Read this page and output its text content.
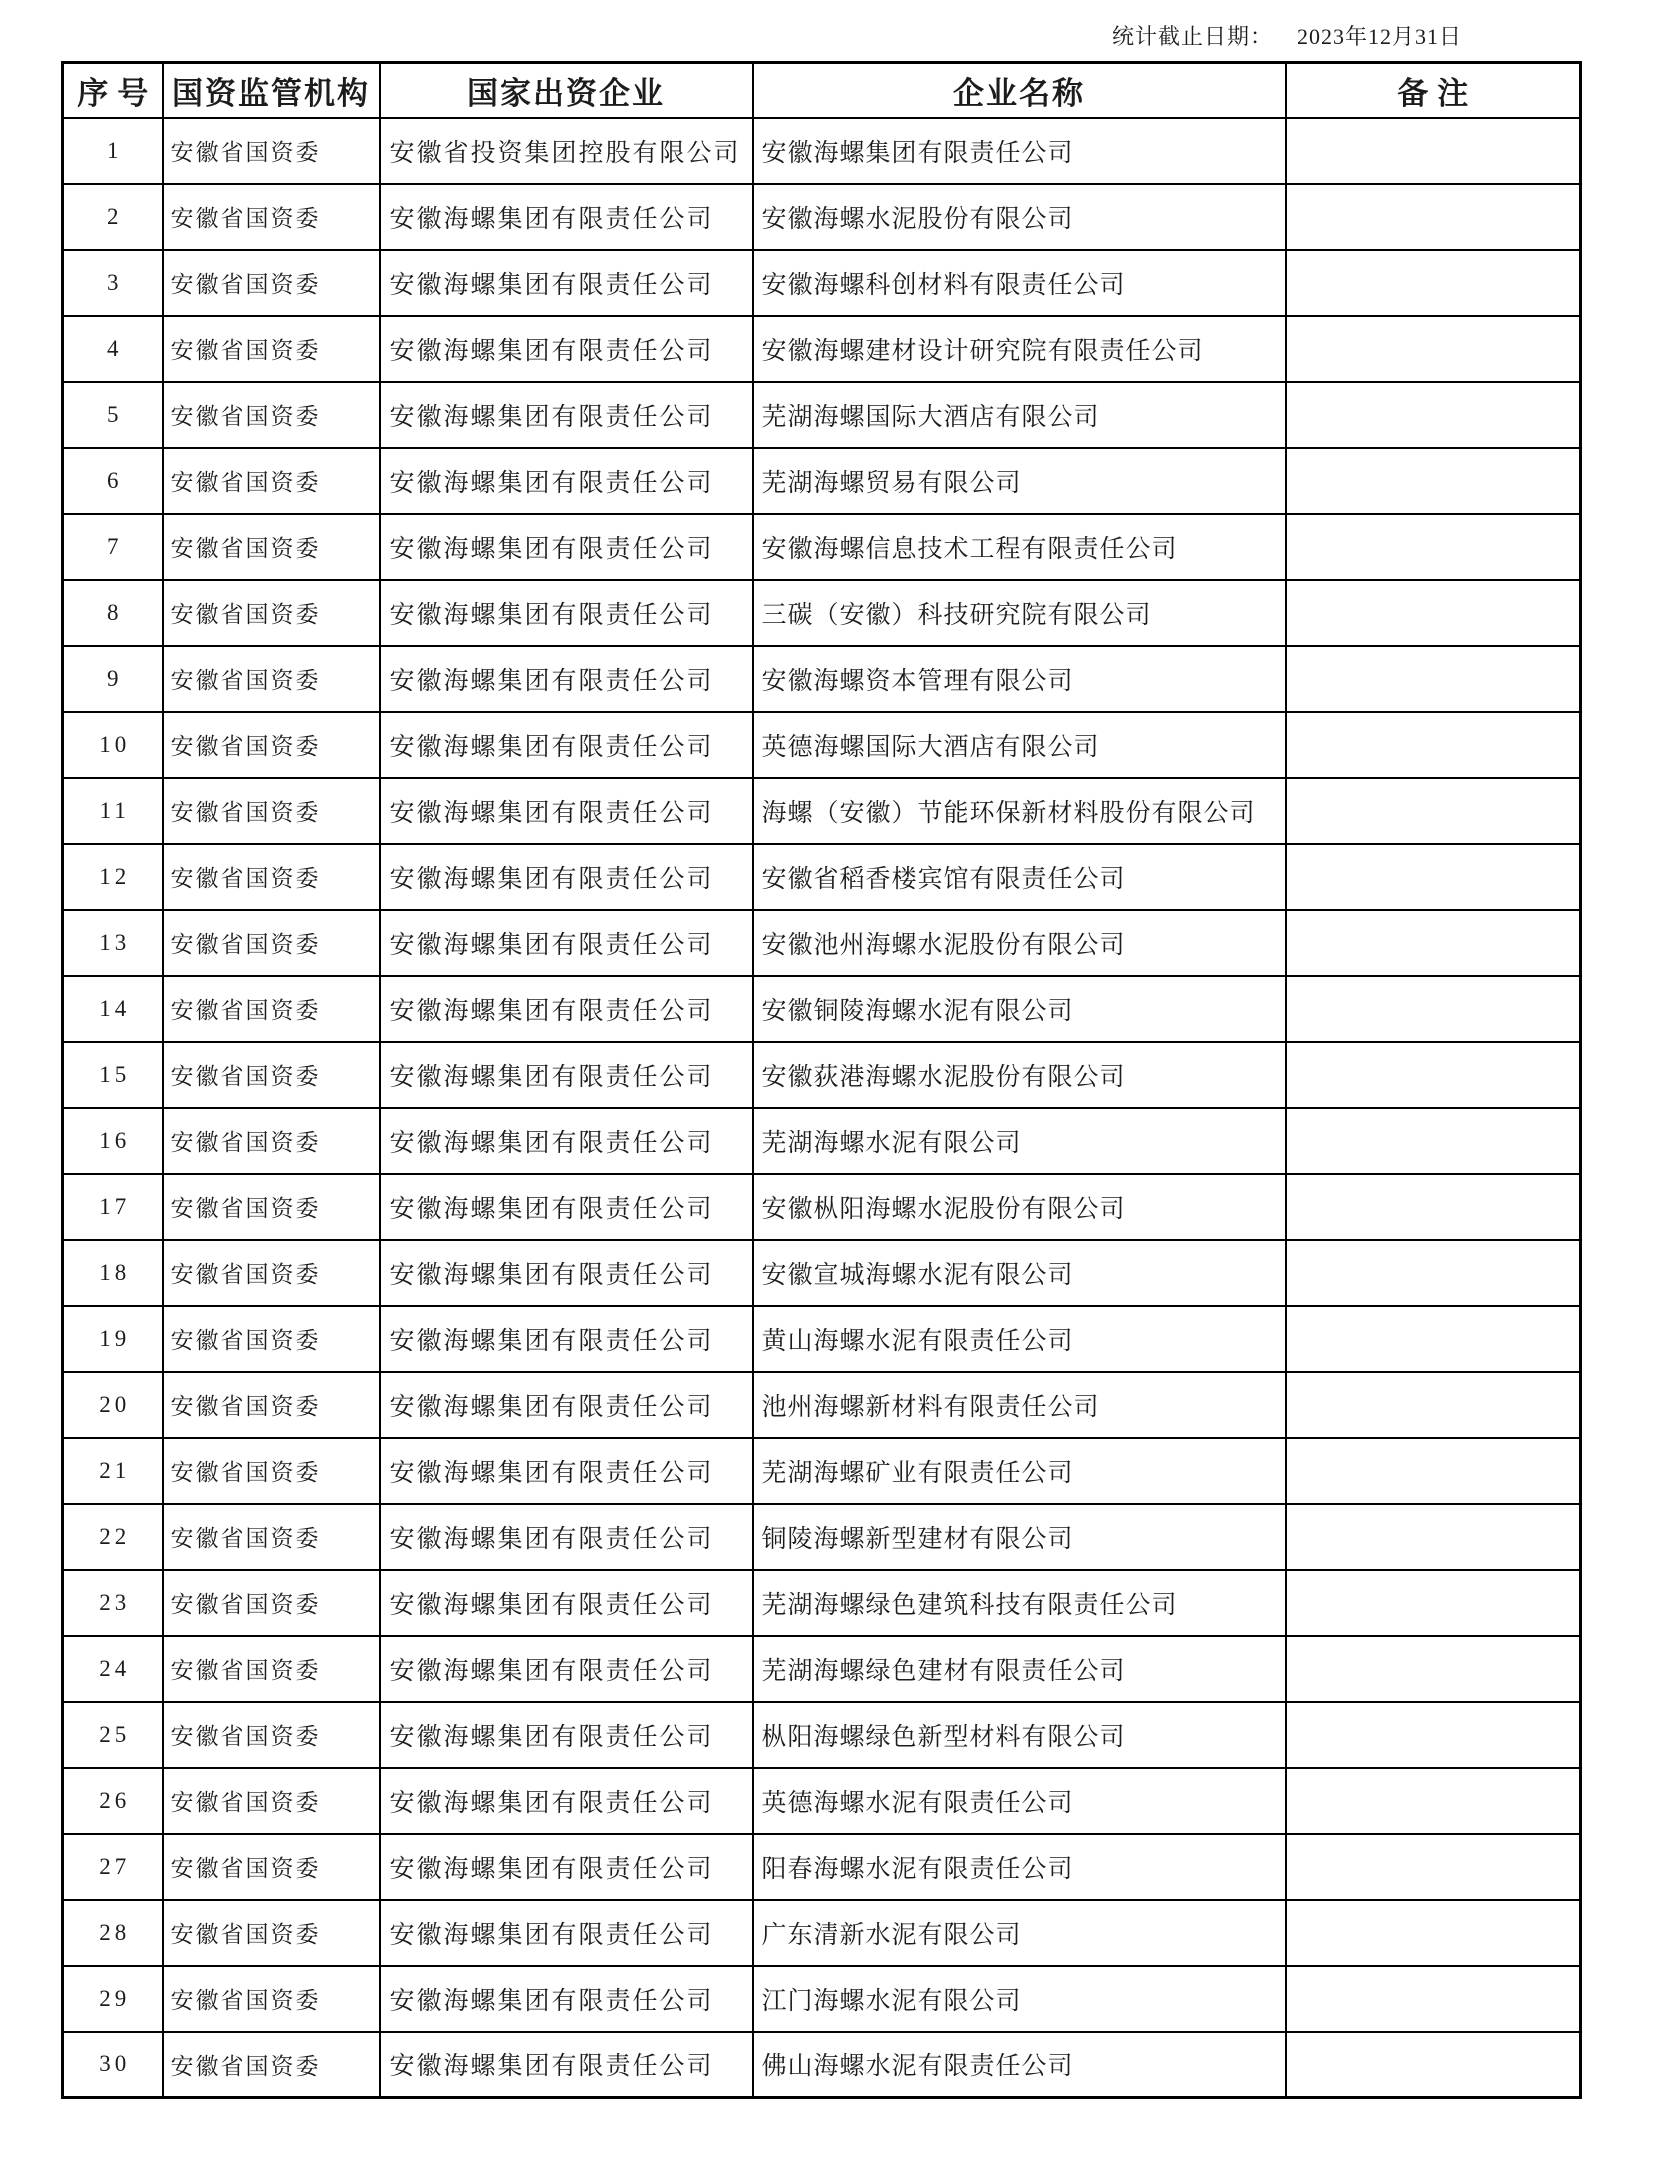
统计截止日期： 2023年12月31日
序号	国资监管机构	国家出资企业	企业名称	备注
1	安徽省国资委	安徽省投资集团控股有限公司	安徽海螺集团有限责任公司	
2	安徽省国资委	安徽海螺集团有限责任公司	安徽海螺水泥股份有限公司	
3	安徽省国资委	安徽海螺集团有限责任公司	安徽海螺科创材料有限责任公司	
4	安徽省国资委	安徽海螺集团有限责任公司	安徽海螺建材设计研究院有限责任公司	
5	安徽省国资委	安徽海螺集团有限责任公司	芜湖海螺国际大酒店有限公司	
6	安徽省国资委	安徽海螺集团有限责任公司	芜湖海螺贸易有限公司	
7	安徽省国资委	安徽海螺集团有限责任公司	安徽海螺信息技术工程有限责任公司	
8	安徽省国资委	安徽海螺集团有限责任公司	三碳（安徽）科技研究院有限公司	
9	安徽省国资委	安徽海螺集团有限责任公司	安徽海螺资本管理有限公司	
10	安徽省国资委	安徽海螺集团有限责任公司	英德海螺国际大酒店有限公司	
11	安徽省国资委	安徽海螺集团有限责任公司	海螺（安徽）节能环保新材料股份有限公司	
12	安徽省国资委	安徽海螺集团有限责任公司	安徽省稻香楼宾馆有限责任公司	
13	安徽省国资委	安徽海螺集团有限责任公司	安徽池州海螺水泥股份有限公司	
14	安徽省国资委	安徽海螺集团有限责任公司	安徽铜陵海螺水泥有限公司	
15	安徽省国资委	安徽海螺集团有限责任公司	安徽荻港海螺水泥股份有限公司	
16	安徽省国资委	安徽海螺集团有限责任公司	芜湖海螺水泥有限公司	
17	安徽省国资委	安徽海螺集团有限责任公司	安徽枞阳海螺水泥股份有限公司	
18	安徽省国资委	安徽海螺集团有限责任公司	安徽宣城海螺水泥有限公司	
19	安徽省国资委	安徽海螺集团有限责任公司	黄山海螺水泥有限责任公司	
20	安徽省国资委	安徽海螺集团有限责任公司	池州海螺新材料有限责任公司	
21	安徽省国资委	安徽海螺集团有限责任公司	芜湖海螺矿业有限责任公司	
22	安徽省国资委	安徽海螺集团有限责任公司	铜陵海螺新型建材有限公司	
23	安徽省国资委	安徽海螺集团有限责任公司	芜湖海螺绿色建筑科技有限责任公司	
24	安徽省国资委	安徽海螺集团有限责任公司	芜湖海螺绿色建材有限责任公司	
25	安徽省国资委	安徽海螺集团有限责任公司	枞阳海螺绿色新型材料有限公司	
26	安徽省国资委	安徽海螺集团有限责任公司	英德海螺水泥有限责任公司	
27	安徽省国资委	安徽海螺集团有限责任公司	阳春海螺水泥有限责任公司	
28	安徽省国资委	安徽海螺集团有限责任公司	广东清新水泥有限公司	
29	安徽省国资委	安徽海螺集团有限责任公司	江门海螺水泥有限公司	
30	安徽省国资委	安徽海螺集团有限责任公司	佛山海螺水泥有限责任公司	
